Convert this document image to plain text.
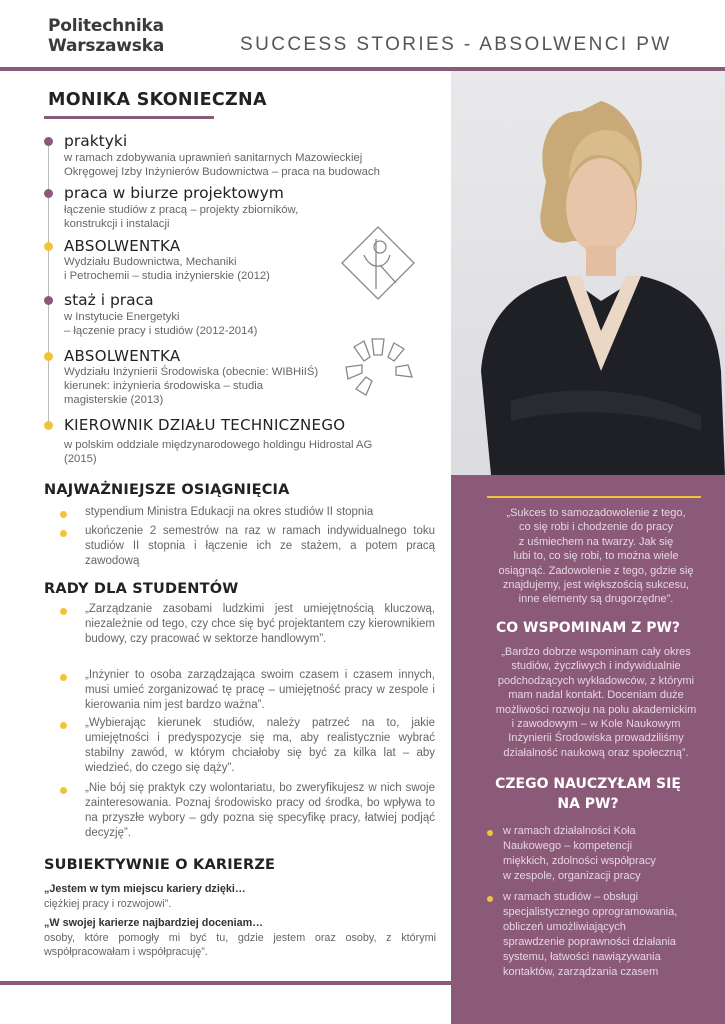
Politechnika
Warszawska	SUCCESS STORIES - ABSOLWENCI PW
„Sukces to samozadowolenie z tego,
co się robi i chodzenie do pracy
z uśmiechem na twarzy. Jak się
lubi to, co się robi, to można wiele
osiągnąć. Zadowolenie z tego, gdzie się
znajdujemy, jest większością sukcesu,
inne elementy są drugorzędne”.
CO WSPOMINAM Z PW?
„Bardzo dobrze wspominam cały okres
studiów, życzliwych i indywidualnie
podchodzących wykładowców, z którymi
mam nadal kontakt. Doceniam duże
możliwości rozwoju na polu akademickim
i zawodowym – w Kole Naukowym
Inżynierii Środowiska prowadziliśmy
działalność naukową oraz społeczną”.
CZEGO NAUCZYŁAM SIĘ
NA PW?
w ramach działalności Koła
Naukowego – kompetencji
miękkich, zdolności współpracy
w zespole, organizacji pracy
w ramach studiów – obsługi
specjalistycznego oprogramowania,
obliczeń umożliwiających
sprawdzenie poprawności działania
systemu, łatwości nawiązywania
kontaktów, zarządzania czasem
MONIKA SKONIECZNA
praktyki
w ramach zdobywania uprawnień sanitarnych Mazowieckiej
Okręgowej Izby Inżynierów Budownictwa – praca na budowach
praca w biurze projektowym
łączenie studiów z pracą – projekty zbiorników,
konstrukcji i instalacji
ABSOLWENTKA
Wydziału Budownictwa, Mechaniki
i Petrochemii – studia inżynierskie (2012)
staż i praca
w Instytucie Energetyki
– łączenie pracy i studiów (2012-2014)
ABSOLWENTKA
Wydziału Inżynierii Środowiska (obecnie: WIBHiIŚ)
kierunek: inżynieria środowiska – studia
magisterskie (2013)
KIEROWNIK DZIAŁU TECHNICZNEGO
w polskim oddziale międzynarodowego holdingu Hidrostal AG
(2015)
NAJWAŻNIEJSZE OSIĄGNIĘCIA
stypendium Ministra Edukacji na okres studiów II stopnia
ukończenie 2 semestrów na raz w ramach indywidualnego toku studiów II stopnia i łączenie ich ze stażem, a potem pracą zawodową
RADY DLA STUDENTÓW
„Zarządzanie zasobami ludzkimi jest umiejętnością kluczową, niezależnie od tego, czy chce się być projektantem czy kierownikiem budowy, czy pracować w sektorze handlowym”.
„Inżynier to osoba zarządzająca swoim czasem i czasem innych, musi umieć zorganizować tę pracę – umiejętność pracy w zespole i kierowania nim jest bardzo ważna”.
„Wybierając kierunek studiów, należy patrzeć na to, jakie umiejętności i predyspozycje się ma, aby realistycznie wybrać stabilny zawód, w którym chciałoby się być za kilka lat – aby wiedzieć, do czego się dąży”.
„Nie bój się praktyk czy wolontariatu, bo zweryfikujesz w nich swoje zainteresowania. Poznaj środowisko pracy od środka, bo wpływa to na przyszłe wybory – gdy pozna się specyfikę pracy, łatwiej podjąć decyzję”.
SUBIEKTYWNIE O KARIERZE
„Jestem w tym miejscu kariery dzięki…
ciężkiej pracy i rozwojowi”.
„W swojej karierze najbardziej doceniam…
osoby, które pomogły mi być tu, gdzie jestem oraz osoby, z którymi współpracowałam i współpracuję”.
